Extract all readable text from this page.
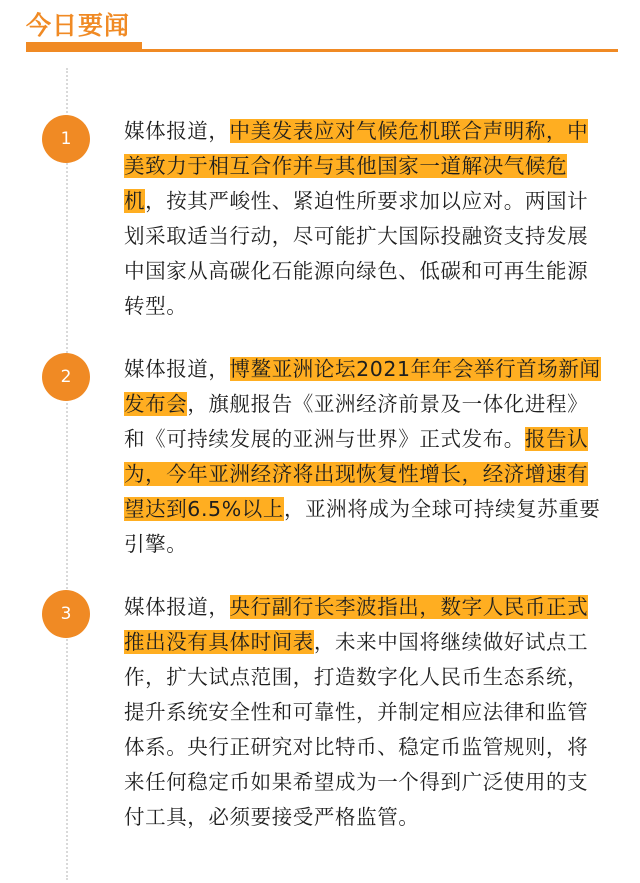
今日要闻
1	媒体报道，中美发表应对气候危机联合声明称，中美致力于相互合作并与其他国家一道解决气候危机，按其严峻性、紧迫性所要求加以应对。两国计划采取适当行动，尽可能扩大国际投融资支持发展中国家从高碳化石能源向绿色、低碳和可再生能源转型。

2	媒体报道，博鳌亚洲论坛2021年年会举行首场新闻发布会，旗舰报告《亚洲经济前景及一体化进程》和《可持续发展的亚洲与世界》正式发布。报告认为，今年亚洲经济将出现恢复性增长，经济增速有望达到6.5%以上，亚洲将成为全球可持续复苏重要引擎。

3	媒体报道，央行副行长李波指出，数字人民币正式推出没有具体时间表，未来中国将继续做好试点工作，扩大试点范围，打造数字化人民币生态系统，提升系统安全性和可靠性，并制定相应法律和监管体系。央行正研究对比特币、稳定币监管规则，将来任何稳定币如果希望成为一个得到广泛使用的支付工具，必须要接受严格监管。
